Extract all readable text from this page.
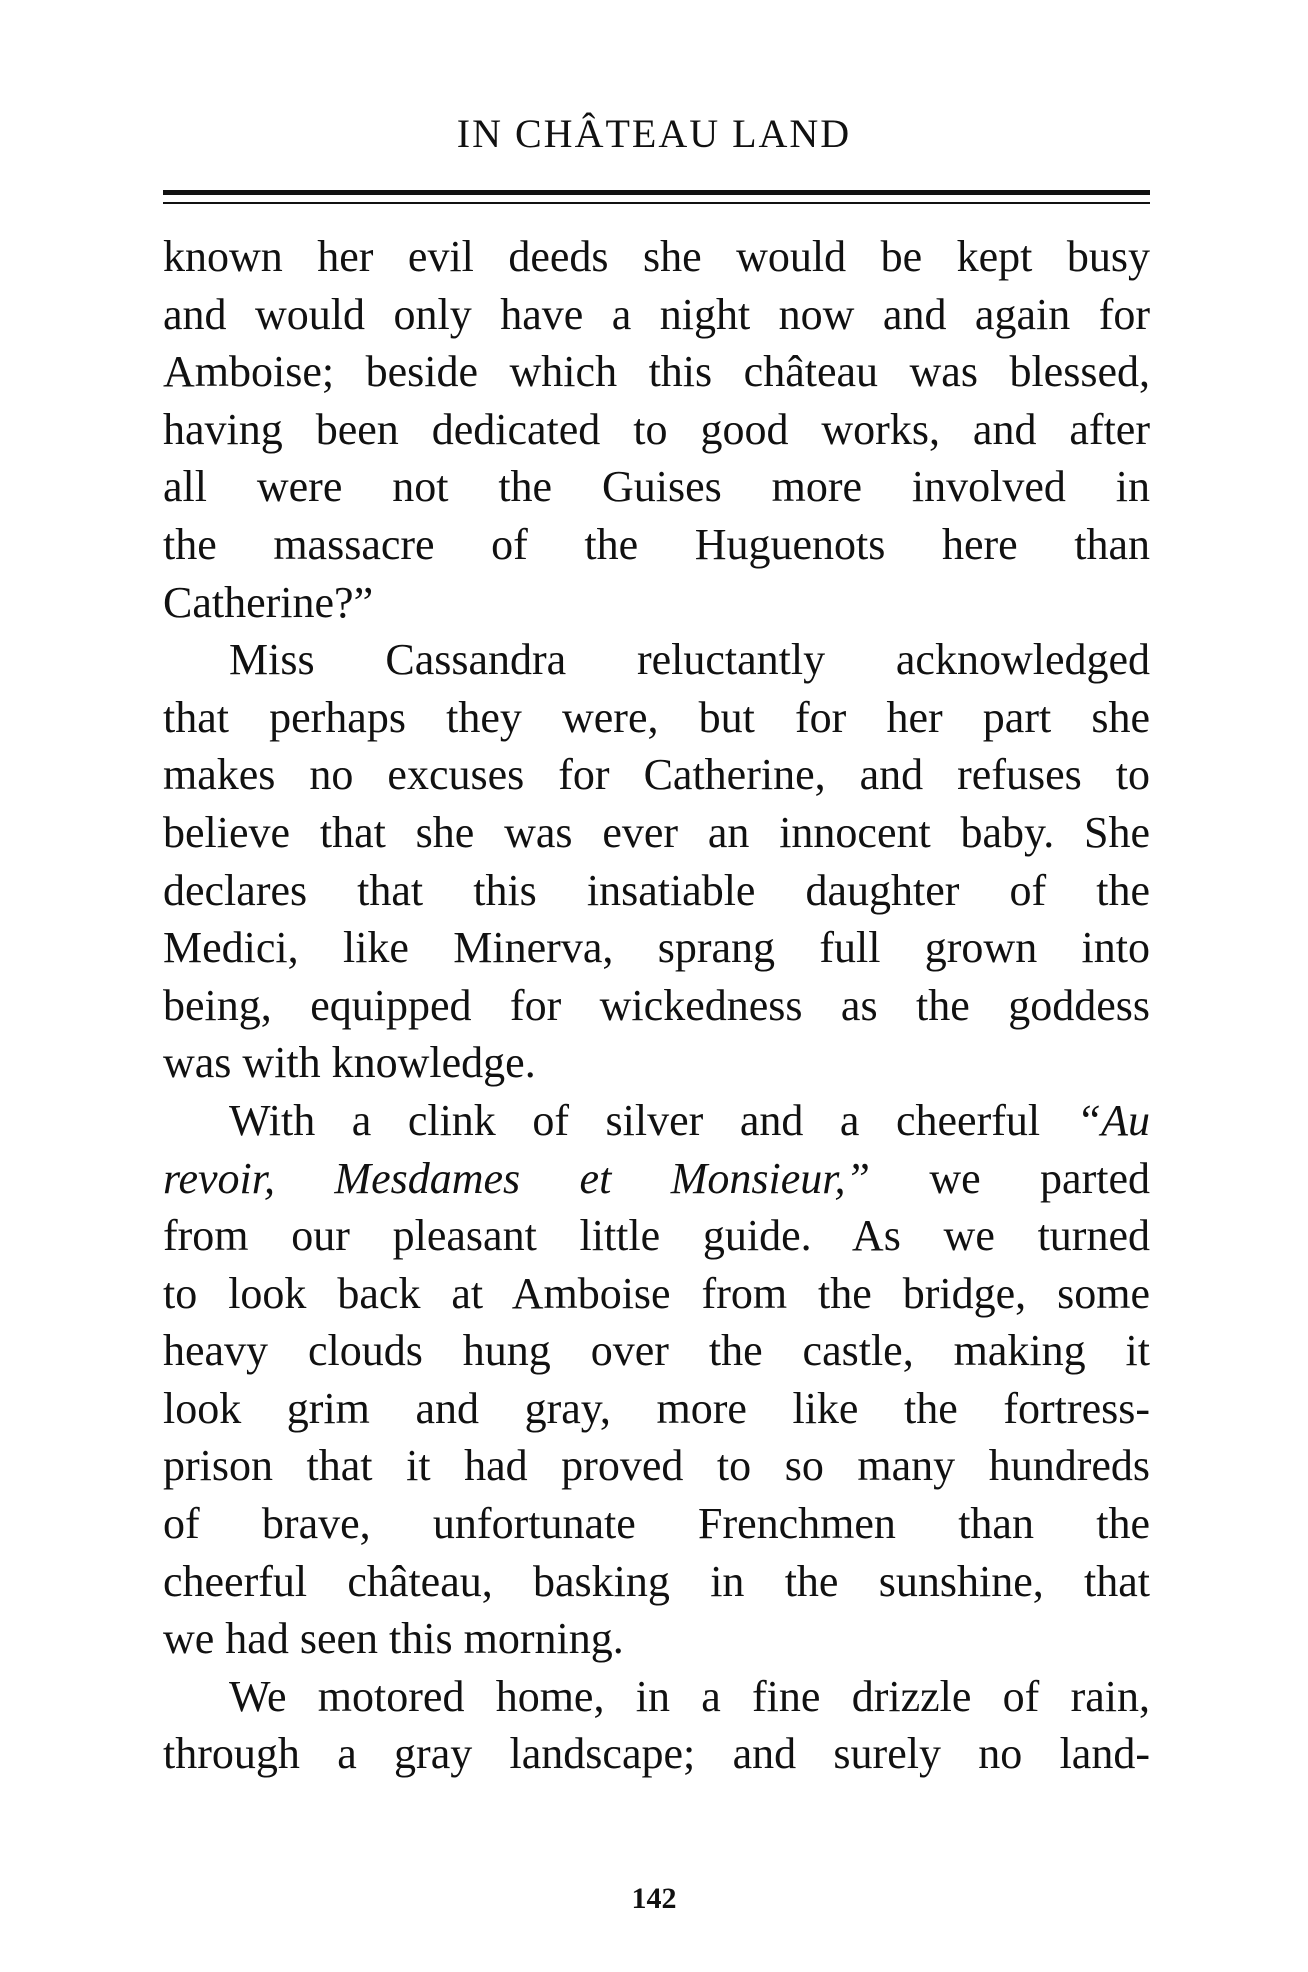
IN CHÂTEAU LAND
known her evil deeds she would be kept busy
and would only have a night now and again for
Amboise; beside which this château was blessed,
having been dedicated to good works, and after
all were not the Guises more involved in
the massacre of the Huguenots here than
Catherine?”
Miss Cassandra reluctantly acknowledged
that perhaps they were, but for her part she
makes no excuses for Catherine, and refuses to
believe that she was ever an innocent baby. She
declares that this insatiable daughter of the
Medici, like Minerva, sprang full grown into
being, equipped for wickedness as the goddess
was with knowledge.
With a clink of silver and a cheerful “Au
revoir, Mesdames et Monsieur,” we parted
from our pleasant little guide. As we turned
to look back at Amboise from the bridge, some
heavy clouds hung over the castle, making it
look grim and gray, more like the fortress-
prison that it had proved to so many hundreds
of brave, unfortunate Frenchmen than the
cheerful château, basking in the sunshine, that
we had seen this morning.
We motored home, in a fine drizzle of rain,
through a gray landscape; and surely no land-
142
